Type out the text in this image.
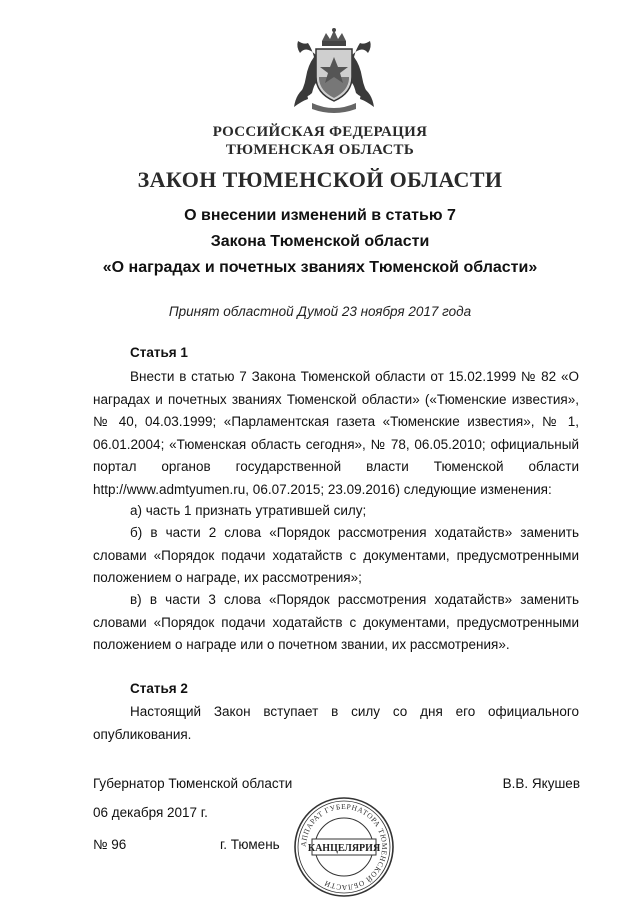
РОССИЙСКАЯ ФЕДЕРАЦИЯ
ТЮМЕНСКАЯ ОБЛАСТЬ
ЗАКОН ТЮМЕНСКОЙ ОБЛАСТИ
О внесении изменений в статью 7
Закона Тюменской области
«О наградах и почетных званиях Тюменской области»
Принят областной Думой 23 ноября 2017 года
Статья 1
Внести в статью 7 Закона Тюменской области от 15.02.1999 № 82 «О наградах и почетных званиях Тюменской области» («Тюменские известия», № 40, 04.03.1999; «Парламентская газета «Тюменские известия», № 1, 06.01.2004; «Тюменская область сегодня», № 78, 06.05.2010; официальный портал органов государственной власти Тюменской области http://www.admtyumen.ru, 06.07.2015; 23.09.2016) следующие изменения:
а) часть 1 признать утратившей силу;
б) в части 2 слова «Порядок рассмотрения ходатайств» заменить словами «Порядок подачи ходатайств с документами, предусмотренными положением о награде, их рассмотрения»;
в) в части 3 слова «Порядок рассмотрения ходатайств» заменить словами «Порядок подачи ходатайств с документами, предусмотренными положением о награде или о почетном звании, их рассмотрения».
Статья 2
Настоящий Закон вступает в силу со дня его официального опубликования.
Губернатор Тюменской области	В.В. Якушев
06 декабря 2017 г.
№ 96	г. Тюмень	АППАРАТ ГУБЕРНАТОРА ТЮМЕНСКОЙ ОБЛАСТИ
КАНЦЕЛЯРИЯ
